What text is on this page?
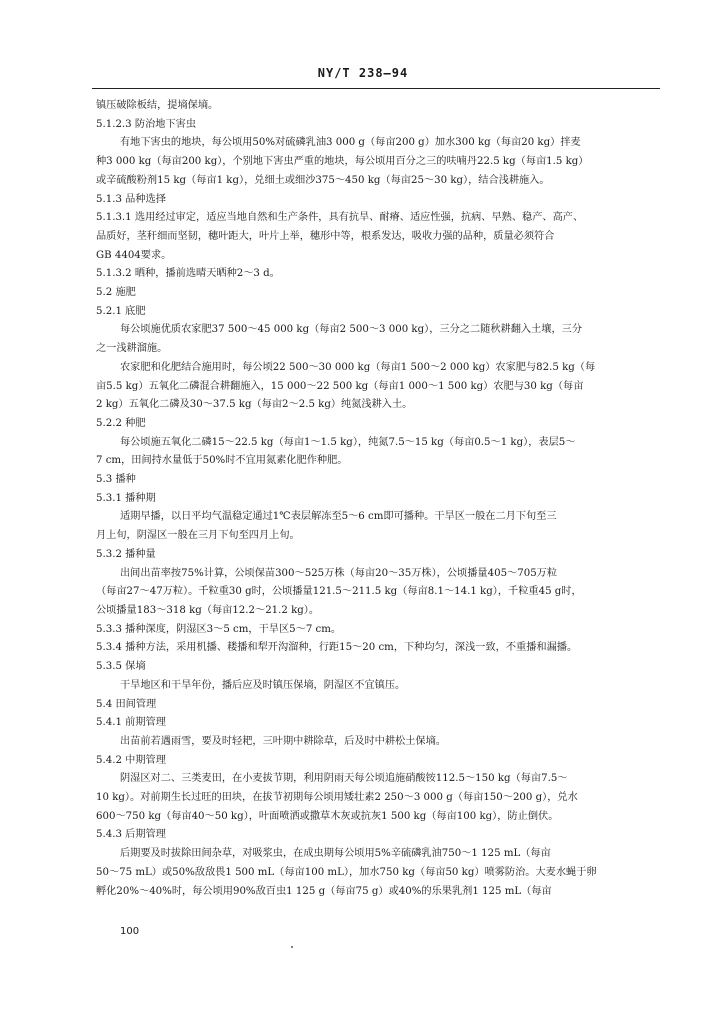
NY/T 238—94
镇压破除板结，提墒保墒。
5.1.2.3 防治地下害虫
有地下害虫的地块，每公顷用50%对硫磷乳油3 000 g（每亩200 g）加水300 kg（每亩20 kg）拌麦
种3 000 kg（每亩200 kg），个别地下害虫严重的地块，每公顷用百分之三的呋喃丹22.5 kg（每亩1.5 kg）
或辛硫酸粉剂15 kg（每亩1 kg），兑细土或细沙375～450 kg（每亩25～30 kg），结合浅耕施入。
5.1.3 品种选择
5.1.3.1 选用经过审定，适应当地自然和生产条件，具有抗旱、耐瘠、适应性强，抗病、早熟、稳产、高产、
品质好，茎秆细而坚韧，穗叶距大，叶片上举，穗形中等，根系发达，吸收力强的品种，质量必须符合
GB 4404要求。
5.1.3.2 晒种，播前选晴天晒种2～3 d。
5.2 施肥
5.2.1 底肥
每公顷施优质农家肥37 500～45 000 kg（每亩2 500～3 000 kg），三分之二随秋耕翻入土壤，三分
之一浅耕溜施。
农家肥和化肥结合施用时，每公顷22 500～30 000 kg（每亩1 500～2 000 kg）农家肥与82.5 kg（每
亩5.5 kg）五氧化二磷混合耕翻施入，15 000～22 500 kg（每亩1 000～1 500 kg）农肥与30 kg（每亩
2 kg）五氧化二磷及30～37.5 kg（每亩2～2.5 kg）纯氮浅耕入土。
5.2.2 种肥
每公顷施五氧化二磷15～22.5 kg（每亩1～1.5 kg），纯氮7.5～15 kg（每亩0.5～1 kg），表层5～
7 cm，田间持水量低于50%时不宜用氮素化肥作种肥。
5.3 播种
5.3.1 播种期
适期早播，以日平均气温稳定通过1℃表层解冻至5～6 cm即可播种。干旱区一般在二月下旬至三
月上旬，阴湿区一般在三月下旬至四月上旬。
5.3.2 播种量
出间出苗率按75%计算，公顷保苗300～525万株（每亩20～35万株），公顷播量405～705万粒
（每亩27～47万粒）。千粒重30 g时，公顷播量121.5～211.5 kg（每亩8.1～14.1 kg），千粒重45 g时，
公顷播量183～318 kg（每亩12.2～21.2 kg）。
5.3.3 播种深度，阴湿区3～5 cm，干旱区5～7 cm。
5.3.4 播种方法，采用机播、耧播和犁开沟溜种，行距15～20 cm，下种均匀，深浅一致，不重播和漏播。
5.3.5 保墒
干旱地区和干旱年份，播后应及时镇压保墒，阴湿区不宜镇压。
5.4 田间管理
5.4.1 前期管理
出苗前若遇雨雪，要及时轻耙，三叶期中耕除草，后及时中耕松土保墒。
5.4.2 中期管理
阴湿区对二、三类麦田，在小麦拔节期，利用阴雨天每公顷追施硝酸铵112.5～150 kg（每亩7.5～
10 kg）。对前期生长过旺的田块，在拔节初期每公顷用矮壮素2 250～3 000 g（每亩150～200 g），兑水
600～750 kg（每亩40～50 kg），叶面喷洒或撒草木灰或抗灰1 500 kg（每亩100 kg），防止倒伏。
5.4.3 后期管理
后期要及时拔除田间杂草，对吸浆虫，在成虫期每公顷用5%辛硫磷乳油750～1 125 mL（每亩
50～75 mL）或50%敌敌畏1 500 mL（每亩100 mL），加水750 kg（每亩50 kg）喷雾防治。大麦水蝇于卵
孵化20%～40%时，每公顷用90%敌百虫1 125 g（每亩75 g）或40%的乐果乳剂1 125 mL（每亩
100
